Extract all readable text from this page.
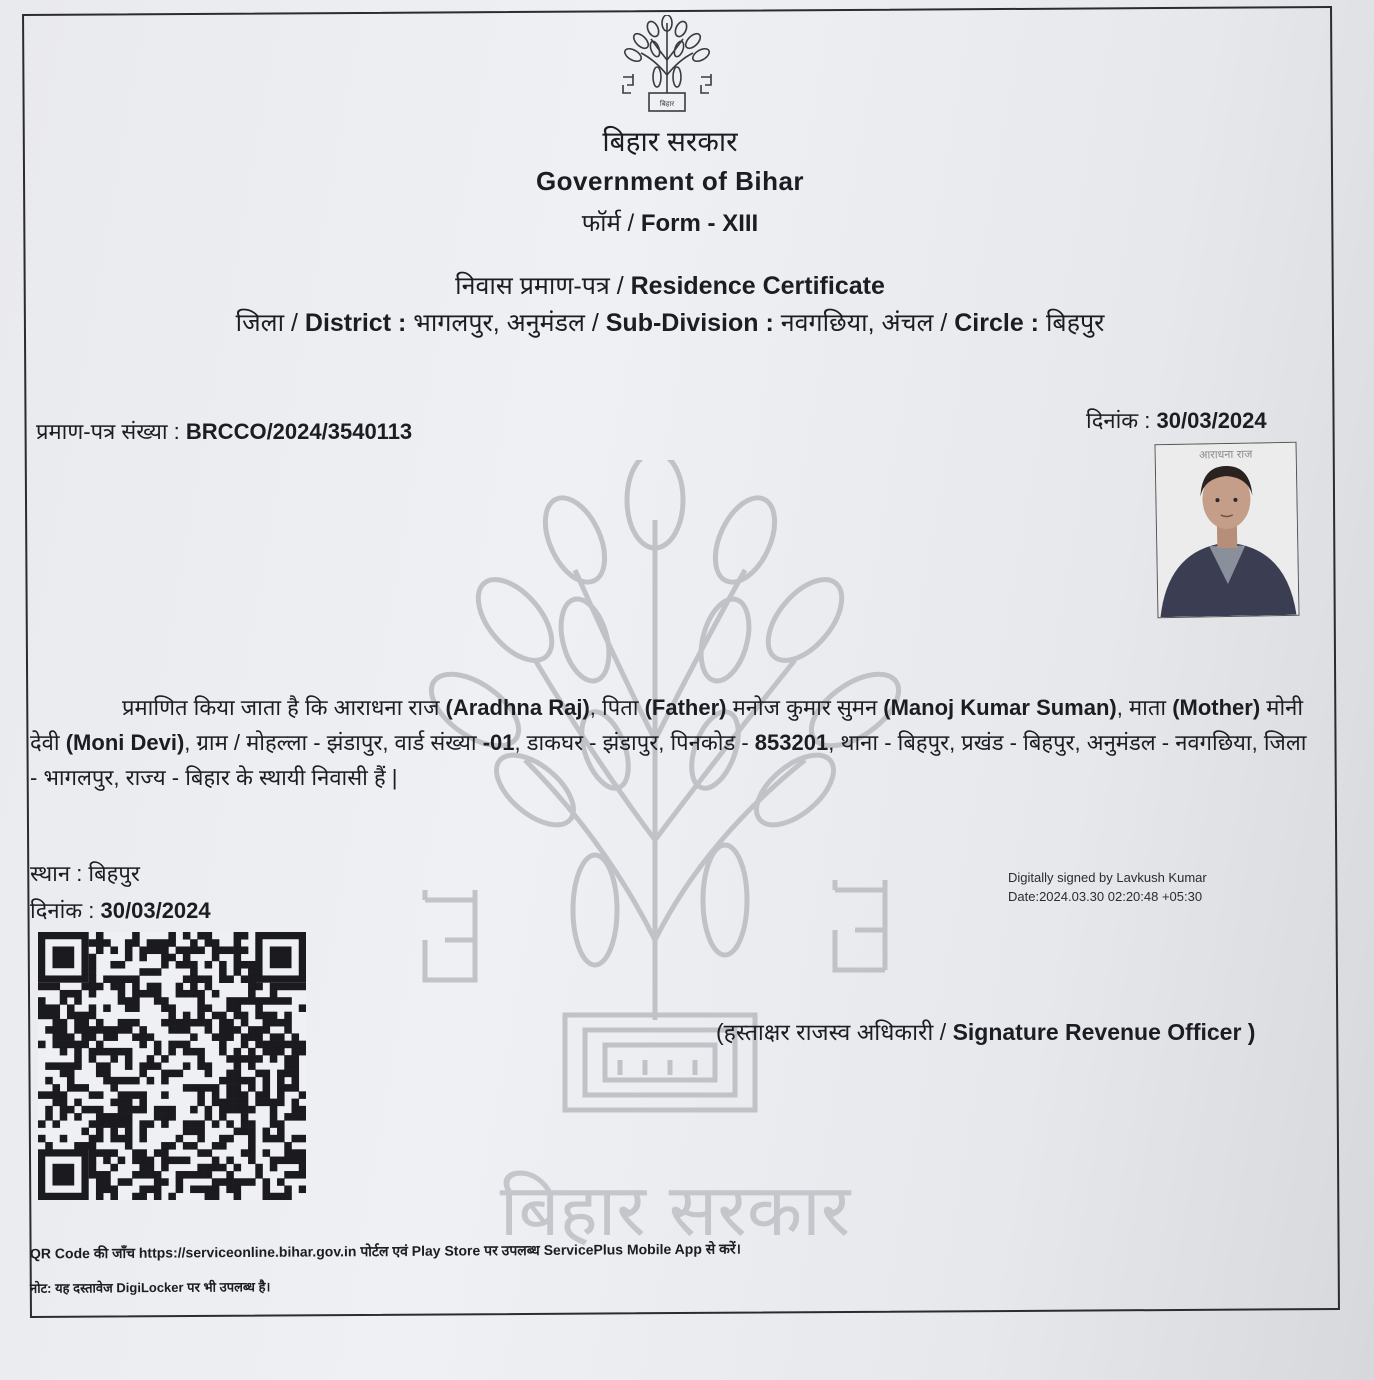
बिहार सरकार
बिहार
बिहार सरकार
Government of Bihar
फॉर्म / Form - XIII
निवास प्रमाण-पत्र / Residence Certificate
जिला / District : भागलपुर, अनुमंडल / Sub-Division : नवगछिया, अंचल / Circle : बिहपुर
प्रमाण-पत्र संख्या : BRCCO/2024/3540113	दिनांक : 30/03/2024
आराधना राज

प्रमाणित किया जाता है कि आराधना राज (Aradhna Raj), पिता (Father) मनोज कुमार सुमन (Manoj Kumar Suman), माता (Mother) मोनी देवी (Moni Devi), ग्राम / मोहल्ला - झंडापुर, वार्ड संख्या -01, डाकघर - झंडापुर, पिनकोड - 853201, थाना - बिहपुर, प्रखंड - बिहपुर, अनुमंडल - नवगछिया, जिला - भागलपुर, राज्य - बिहार के स्थायी निवासी हैं |

स्थान : बिहपुर
दिनांक : 30/03/2024
Digitally signed by Lavkush Kumar
Date:2024.03.30 02:20:48 +05:30
(हस्ताक्षर राजस्व अधिकारी / Signature Revenue Officer )
QR Code की जाँच https://serviceonline.bihar.gov.in पोर्टल एवं Play Store पर उपलब्ध ServicePlus Mobile App से करें।
नोट: यह दस्तावेज DigiLocker पर भी उपलब्ध है।
